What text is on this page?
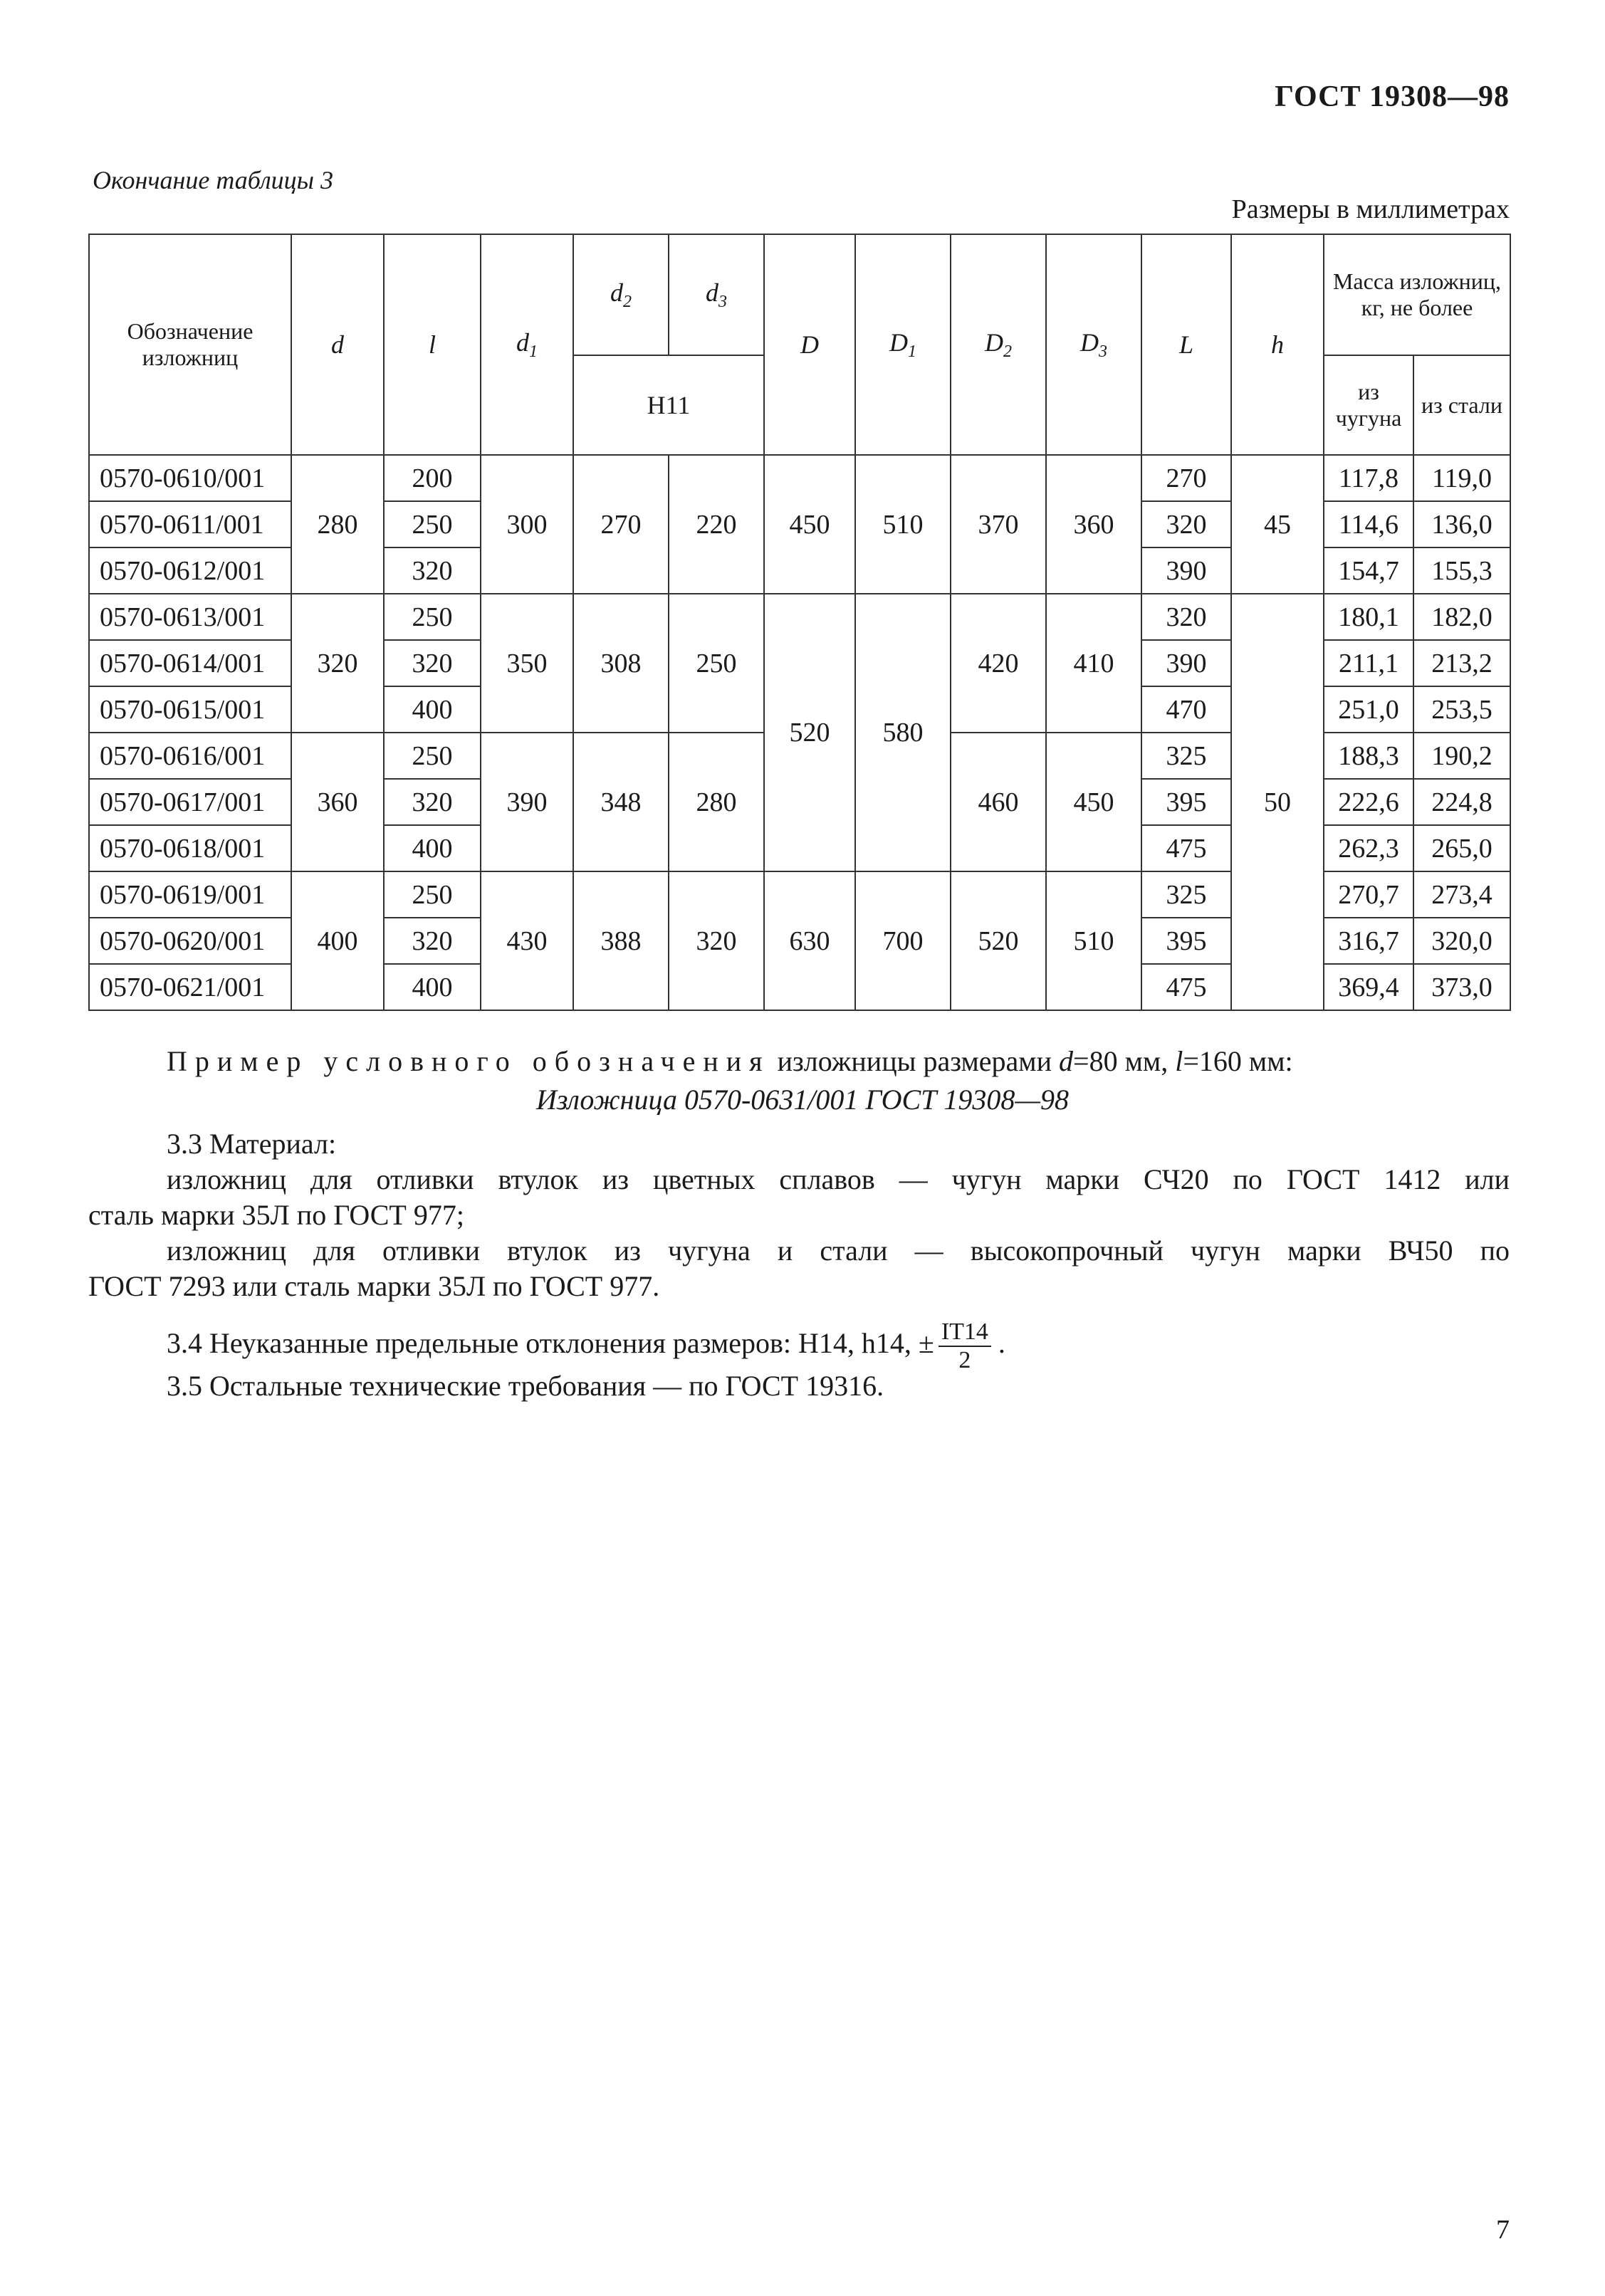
ГОСТ 19308—98
Окончание таблицы 3
Размеры в миллиметрах
Обозначение изложниц	d	l	$d_1$	$d_2$	$d_3$	D	$D_1$	$D_2$	$D_3$	L	h	Масса изложниц, кг, не более	
				H11								из чугуна	из стали
0570-0610/001	280	200	300	270	220	450	510	370	360	270	45	117,8	119,0
0570-0611/001		250								320		114,6	136,0
0570-0612/001		320								390		154,7	155,3
0570-0613/001	320	250	350	308	250	520	580	420	410	320	50	180,1	182,0
0570-0614/001		320								390		211,1	213,2
0570-0615/001		400								470		251,0	253,5
0570-0616/001	360	250	390	348	280			460	450	325		188,3	190,2
0570-0617/001		320								395		222,6	224,8
0570-0618/001		400								475		262,3	265,0
0570-0619/001	400	250	430	388	320	630	700	520	510	325		270,7	273,4
0570-0620/001		320								395		316,7	320,0
0570-0621/001		400								475		369,4	373,0
Пример условного обозначения изложницы размерами d=80 мм, l=160 мм:
Изложница 0570-0631/001 ГОСТ 19308—98
3.3 Материал:
изложниц для отливки втулок из цветных сплавов — чугун марки СЧ20 по ГОСТ 1412 или
сталь марки 35Л по ГОСТ 977;
изложниц для отливки втулок из чугуна и стали — высокопрочный чугун марки ВЧ50 по
ГОСТ 7293 или сталь марки 35Л по ГОСТ 977.
3.4 Неуказанные предельные отклонения размеров: H14, h14, ± $\frac{IT14}{2}$ .
3.5 Остальные технические требования — по ГОСТ 19316.
7
